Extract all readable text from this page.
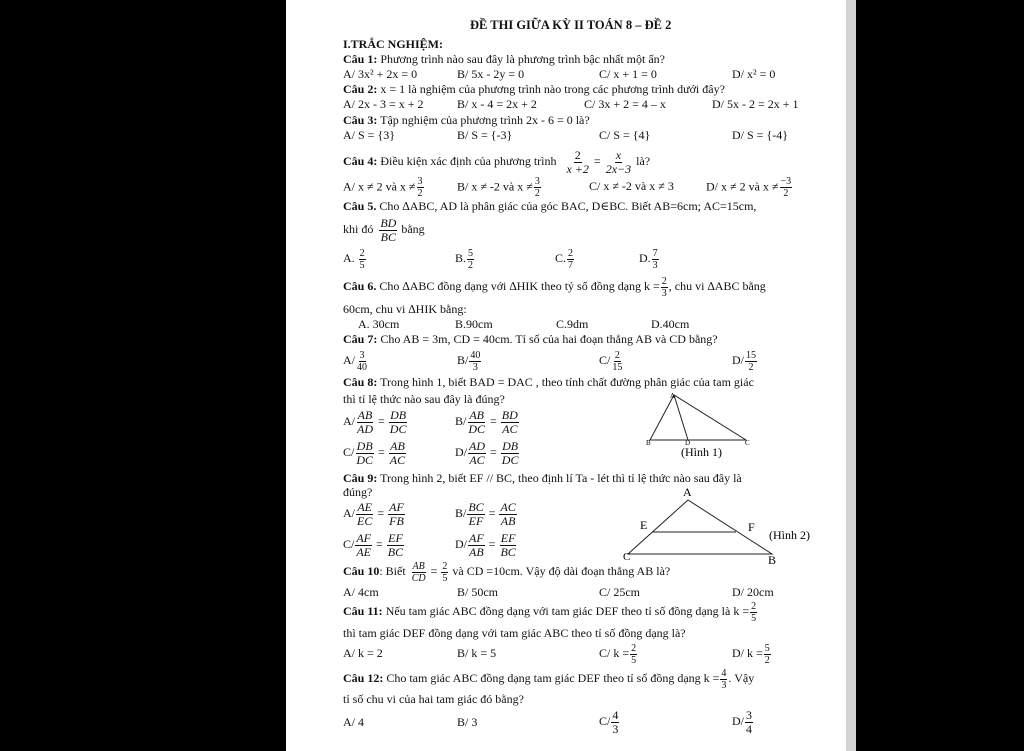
ĐỀ THI GIỮA KỲ II TOÁN 8 – ĐỀ 2
I.TRẮC NGHIỆM:
Câu 1: Phương trình nào sau đây là phương trình bậc nhất một ẩn?
A/ 3x² + 2x = 0	B/ 5x - 2y = 0	C/ x + 1 = 0	D/ x² = 0
Câu 2: x = 1 là nghiệm của phương trình nào trong các phương trình dưới đây?
A/ 2x - 3 = x + 2	B/ x - 4 = 2x + 2	C/ 3x + 2 = 4 – x	D/ 5x - 2 = 2x + 1
Câu 3: Tập nghiệm của phương trình 2x - 6 = 0 là?
A/ S = {3}	B/ S = {-3}	C/ S = {4}	D/ S = {-4}
Câu 4: Điều kiện xác định của phương trình $\frac{2}{x +2} = \frac{x}{2x-3}$ là?
A/ x ≠ 2 và $x \ne \frac{3}{2}$	B/ x ≠ -2 và $x \ne \frac{3}{2}$	C/ x ≠ -2 và x ≠ 3	D/ x ≠ 2 và $x \ne \frac{-3}{2}$
Câu 5. Cho ∆ABC, AD là phân giác của góc BAC, D∈BC. Biết AB=6cm; AC=15cm,
khi đó $\frac{BD}{BC}$ bằng
A. $\frac{2}{5}$	B. $\frac{5}{2}$	C. $\frac{2}{7}$	D. $\frac{7}{3}$
Câu 6. Cho ∆ABC đồng dạng với ∆HIK theo tỷ số đồng dạng $k = \frac{2}{3}$ , chu vi ∆ABC bằng
60cm, chu vi ∆HIK bằng:
A. 30cm	B.90cm	C.9dm	D.40cm
Câu 7: Cho AB = 3m, CD = 40cm. Tỉ số của hai đoạn thẳng AB và CD bằng?
$A/ \frac{3}{40}$	$B/ \frac{40}{3}$	$C/ \frac{2}{15}$	$D/ \frac{15}{2}$
Câu 8: Trong hình 1, biết BAD = DAC , theo tính chất đường phân giác của tam giác
thì tỉ lệ thức nào sau đây là đúng?
$A/ \frac{AB}{AD} = \frac{DB}{DC}$	$B/ \frac{AB}{DC} = \frac{BD}{AC}$
$C/ \frac{DB}{DC} = \frac{AB}{AC}$	$D/ \frac{AD}{AC} = \frac{DB}{DC}$
A
B	D	C
(Hình 1)
Câu 9: Trong hình 2, biết EF // BC, theo định lí Ta - lét thì tỉ lệ thức nào sau đây là
đúng?
$A/ \frac{AE}{EC} = \frac{AF}{FB}$	$B/ \frac{BC}{EF} = \frac{AC}{AB}$
$C/ \frac{AF}{AE} = \frac{EF}{BC}$	$D/ \frac{AF}{AB} = \frac{EF}{BC}$
A
E	F
C	B
(Hình 2)
Câu 10: Biết $\frac{AB}{CD} = \frac{2}{5}$ và CD =10cm. Vậy độ dài đoạn thẳng AB là?
A/ 4cm	B/ 50cm	C/ 25cm	D/ 20cm
Câu 11: Nếu tam giác ABC đồng dạng với tam giác DEF theo tỉ số đồng dạng là $k = \frac{2}{5}$
thì tam giác DEF đồng dạng với tam giác ABC theo tỉ số đồng dạng là?
A/ k = 2	B/ k = 5	C/ $k = \frac{2}{5}$	D/ $k = \frac{5}{2}$
Câu 12: Cho tam giác ABC đồng dạng tam giác DEF theo tỉ số đồng dạng $k = \frac{4}{3}$ . Vậy
tỉ số chu vi của hai tam giác đó bằng?
A/ 4	B/ 3	$C/ \frac{4}{3}$	$D/ \frac{3}{4}$
